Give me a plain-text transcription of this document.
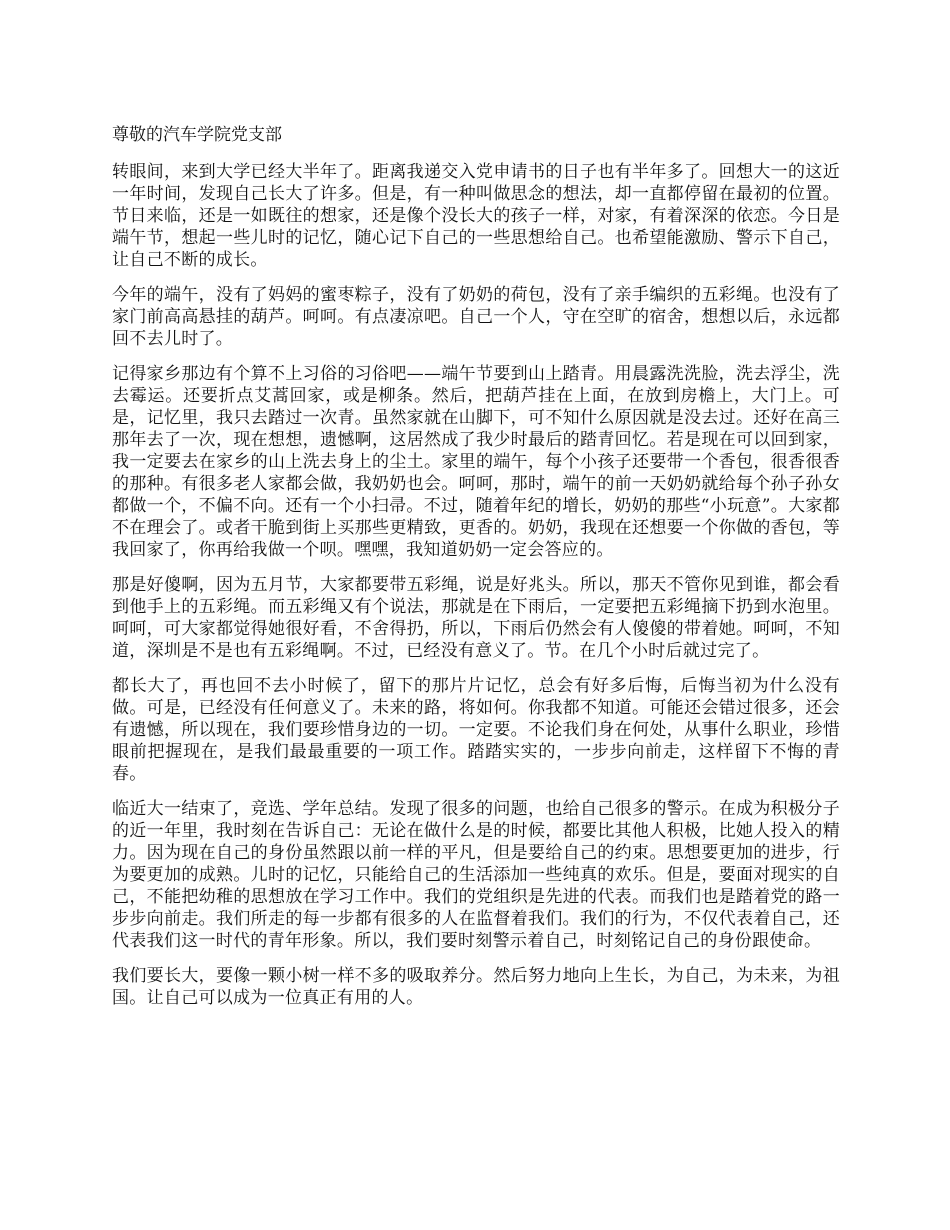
尊敬的汽车学院党支部

转眼间，来到大学已经大半年了。距离我递交入党申请书的日子也有半年多了。回想大一的这近一年时间，发现自己长大了许多。但是，有一种叫做思念的想法，却一直都停留在最初的位置。节日来临，还是一如既往的想家，还是像个没长大的孩子一样，对家，有着深深的依恋。今日是端午节，想起一些儿时的记忆，随心记下自己的一些思想给自己。也希望能激励、警示下自己，让自己不断的成长。

今年的端午，没有了妈妈的蜜枣粽子，没有了奶奶的荷包，没有了亲手编织的五彩绳。也没有了家门前高高悬挂的葫芦。呵呵。有点凄凉吧。自己一个人，守在空旷的宿舍，想想以后，永远都回不去儿时了。

记得家乡那边有个算不上习俗的习俗吧——端午节要到山上踏青。用晨露洗洗脸，洗去浮尘，洗去霉运。还要折点艾蒿回家，或是柳条。然后，把葫芦挂在上面，在放到房檐上，大门上。可是，记忆里，我只去踏过一次青。虽然家就在山脚下，可不知什么原因就是没去过。还好在高三那年去了一次，现在想想，遗憾啊，这居然成了我少时最后的踏青回忆。若是现在可以回到家，我一定要去在家乡的山上洗去身上的尘土。家里的端午，每个小孩子还要带一个香包，很香很香的那种。有很多老人家都会做，我奶奶也会。呵呵，那时，端午的前一天奶奶就给每个孙子孙女都做一个，不偏不向。还有一个小扫帚。不过，随着年纪的增长，奶奶的那些“小玩意”。大家都不在理会了。或者干脆到街上买那些更精致，更香的。奶奶，我现在还想要一个你做的香包，等我回家了，你再给我做一个呗。嘿嘿，我知道奶奶一定会答应的。

那是好傻啊，因为五月节，大家都要带五彩绳，说是好兆头。所以，那天不管你见到谁，都会看到他手上的五彩绳。而五彩绳又有个说法，那就是在下雨后，一定要把五彩绳摘下扔到水泡里。呵呵，可大家都觉得她很好看，不舍得扔，所以，下雨后仍然会有人傻傻的带着她。呵呵，不知道，深圳是不是也有五彩绳啊。不过，已经没有意义了。节。在几个小时后就过完了。

都长大了，再也回不去小时候了，留下的那片片记忆，总会有好多后悔，后悔当初为什么没有做。可是，已经没有任何意义了。未来的路，将如何。你我都不知道。可能还会错过很多，还会有遗憾，所以现在，我们要珍惜身边的一切。一定要。不论我们身在何处，从事什么职业，珍惜眼前把握现在，是我们最最重要的一项工作。踏踏实实的，一步步向前走，这样留下不悔的青春。

临近大一结束了，竞选、学年总结。发现了很多的问题，也给自己很多的警示。在成为积极分子的近一年里，我时刻在告诉自己：无论在做什么是的时候，都要比其他人积极，比她人投入的精力。因为现在自己的身份虽然跟以前一样的平凡，但是要给自己的约束。思想要更加的进步，行为要更加的成熟。儿时的记忆，只能给自己的生活添加一些纯真的欢乐。但是，要面对现实的自己，不能把幼稚的思想放在学习工作中。我们的党组织是先进的代表。而我们也是踏着党的路一步步向前走。我们所走的每一步都有很多的人在监督着我们。我们的行为，不仅代表着自己，还代表我们这一时代的青年形象。所以，我们要时刻警示着自己，时刻铭记自己的身份跟使命。

我们要长大，要像一颗小树一样不多的吸取养分。然后努力地向上生长，为自己，为未来，为祖国。让自己可以成为一位真正有用的人。
